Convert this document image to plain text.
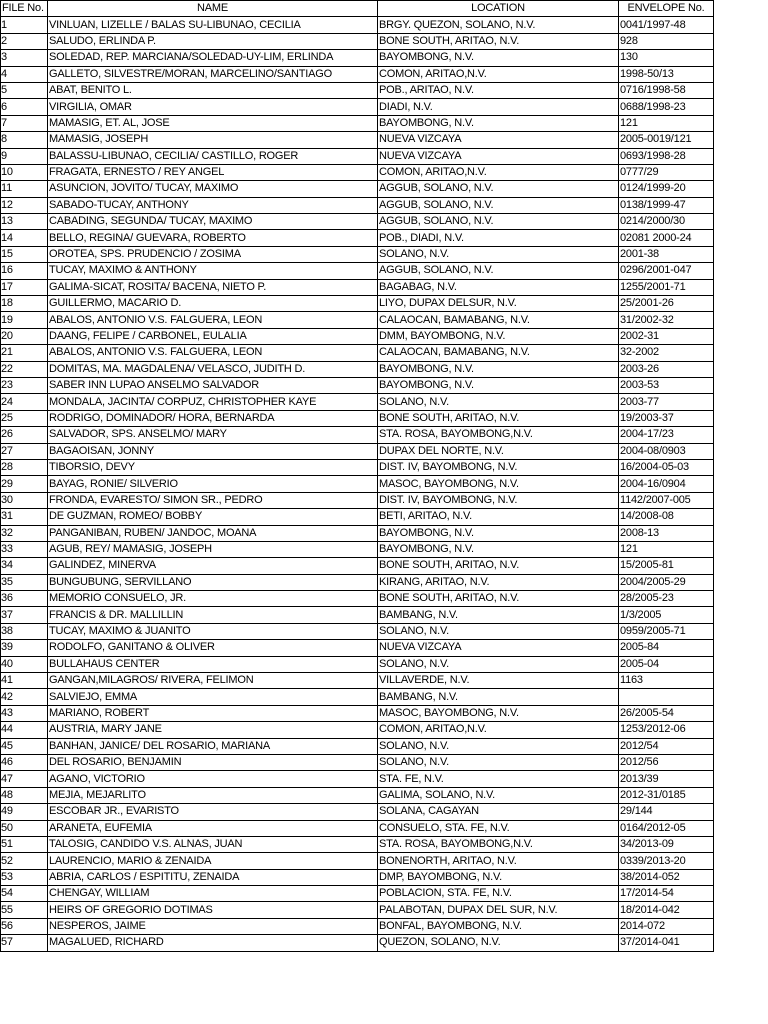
FILE No.	NAME	LOCATION	ENVELOPE No.
1	VINLUAN, LIZELLE / BALAS SU-LIBUNAO, CECILIA	BRGY. QUEZON, SOLANO, N.V.	0041/1997-48
2	SALUDO, ERLINDA P.	BONE SOUTH, ARITAO, N.V.	928
3	SOLEDAD, REP. MARCIANA/SOLEDAD-UY-LIM, ERLINDA	BAYOMBONG, N.V.	130
4	GALLETO, SILVESTRE/MORAN, MARCELINO/SANTIAGO	COMON, ARITAO,N.V.	1998-50/13
5	ABAT, BENITO L.	POB., ARITAO, N.V.	0716/1998-58
6	VIRGILIA, OMAR	DIADI, N.V.	0688/1998-23
7	MAMASIG, ET. AL, JOSE	BAYOMBONG, N.V.	121
8	MAMASIG, JOSEPH	NUEVA VIZCAYA	2005-0019/121
9	BALASSU-LIBUNAO, CECILIA/ CASTILLO, ROGER	NUEVA VIZCAYA	0693/1998-28
10	FRAGATA, ERNESTO / REY ANGEL	COMON, ARITAO,N.V.	0777/29
11	ASUNCION, JOVITO/ TUCAY, MAXIMO	AGGUB, SOLANO, N.V.	0124/1999-20
12	SABADO-TUCAY, ANTHONY	AGGUB, SOLANO, N.V.	0138/1999-47
13	CABADING, SEGUNDA/ TUCAY, MAXIMO	AGGUB, SOLANO, N.V.	0214/2000/30
14	BELLO, REGINA/ GUEVARA, ROBERTO	POB., DIADI, N.V.	02081 2000-24
15	OROTEA, SPS. PRUDENCIO / ZOSIMA	SOLANO, N.V.	2001-38
16	TUCAY, MAXIMO & ANTHONY	AGGUB, SOLANO, N.V.	0296/2001-047
17	GALIMA-SICAT, ROSITA/ BACENA, NIETO P.	BAGABAG, N.V.	1255/2001-71
18	GUILLERMO, MACARIO D.	LIYO, DUPAX DELSUR, N.V.	25/2001-26
19	ABALOS, ANTONIO V.S. FALGUERA, LEON	CALAOCAN, BAMABANG, N.V.	31/2002-32
20	DAANG, FELIPE / CARBONEL, EULALIA	DMM, BAYOMBONG, N.V.	2002-31
21	ABALOS, ANTONIO V.S. FALGUERA, LEON	CALAOCAN, BAMABANG, N.V.	32-2002
22	DOMITAS, MA. MAGDALENA/ VELASCO, JUDITH D.	BAYOMBONG, N.V.	2003-26
23	SABER INN LUPAO ANSELMO SALVADOR	BAYOMBONG, N.V.	2003-53
24	MONDALA, JACINTA/ CORPUZ, CHRISTOPHER KAYE	SOLANO, N.V.	2003-77
25	RODRIGO, DOMINADOR/ HORA, BERNARDA	BONE SOUTH, ARITAO, N.V.	19/2003-37
26	SALVADOR, SPS. ANSELMO/ MARY	STA. ROSA, BAYOMBONG,N.V.	2004-17/23
27	BAGAOISAN, JONNY	DUPAX DEL NORTE, N.V.	2004-08/0903
28	TIBORSIO, DEVY	DIST. IV, BAYOMBONG, N.V.	16/2004-05-03
29	BAYAG, RONIE/ SILVERIO	MASOC, BAYOMBONG, N.V.	2004-16/0904
30	FRONDA, EVARESTO/ SIMON SR., PEDRO	DIST. IV, BAYOMBONG, N.V.	1142/2007-005
31	DE GUZMAN, ROMEO/ BOBBY	BETI, ARITAO, N.V.	14/2008-08
32	PANGANIBAN, RUBEN/ JANDOC, MOANA	BAYOMBONG, N.V.	2008-13
33	AGUB, REY/ MAMASIG, JOSEPH	BAYOMBONG, N.V.	121
34	GALINDEZ, MINERVA	BONE SOUTH, ARITAO, N.V.	15/2005-81
35	BUNGUBUNG, SERVILLANO	KIRANG, ARITAO, N.V.	2004/2005-29
36	MEMORIO CONSUELO, JR.	BONE SOUTH, ARITAO, N.V.	28/2005-23
37	FRANCIS & DR. MALLILLIN	BAMBANG, N.V.	1/3/2005
38	TUCAY, MAXIMO & JUANITO	SOLANO, N.V.	0959/2005-71
39	RODOLFO, GANITANO & OLIVER	NUEVA VIZCAYA	2005-84
40	BULLAHAUS CENTER	SOLANO, N.V.	2005-04
41	GANGAN,MILAGROS/ RIVERA, FELIMON	VILLAVERDE, N.V.	1163
42	SALVIEJO, EMMA	BAMBANG, N.V.	
43	MARIANO, ROBERT	MASOC, BAYOMBONG, N.V.	26/2005-54
44	AUSTRIA, MARY JANE	COMON, ARITAO,N.V.	1253/2012-06
45	BANHAN, JANICE/ DEL ROSARIO, MARIANA	SOLANO, N.V.	2012/54
46	DEL ROSARIO, BENJAMIN	SOLANO, N.V.	2012/56
47	AGANO, VICTORIO	STA. FE, N.V.	2013/39
48	MEJIA, MEJARLITO	GALIMA, SOLANO, N.V.	2012-31/0185
49	ESCOBAR JR., EVARISTO	SOLANA, CAGAYAN	29/144
50	ARANETA, EUFEMIA	CONSUELO, STA. FE, N.V.	0164/2012-05
51	TALOSIG, CANDIDO V.S. ALNAS, JUAN	STA. ROSA, BAYOMBONG,N.V.	34/2013-09
52	LAURENCIO, MARIO & ZENAIDA	BONENORTH, ARITAO, N.V.	0339/2013-20
53	ABRIA, CARLOS / ESPITITU, ZENAIDA	DMP, BAYOMBONG, N.V.	38/2014-052
54	CHENGAY, WILLIAM	POBLACION, STA. FE, N.V.	17/2014-54
55	HEIRS OF GREGORIO DOTIMAS	PALABOTAN, DUPAX DEL SUR, N.V.	18/2014-042
56	NESPEROS, JAIME	BONFAL, BAYOMBONG, N.V.	2014-072
57	MAGALUED, RICHARD	QUEZON, SOLANO, N.V.	37/2014-041
